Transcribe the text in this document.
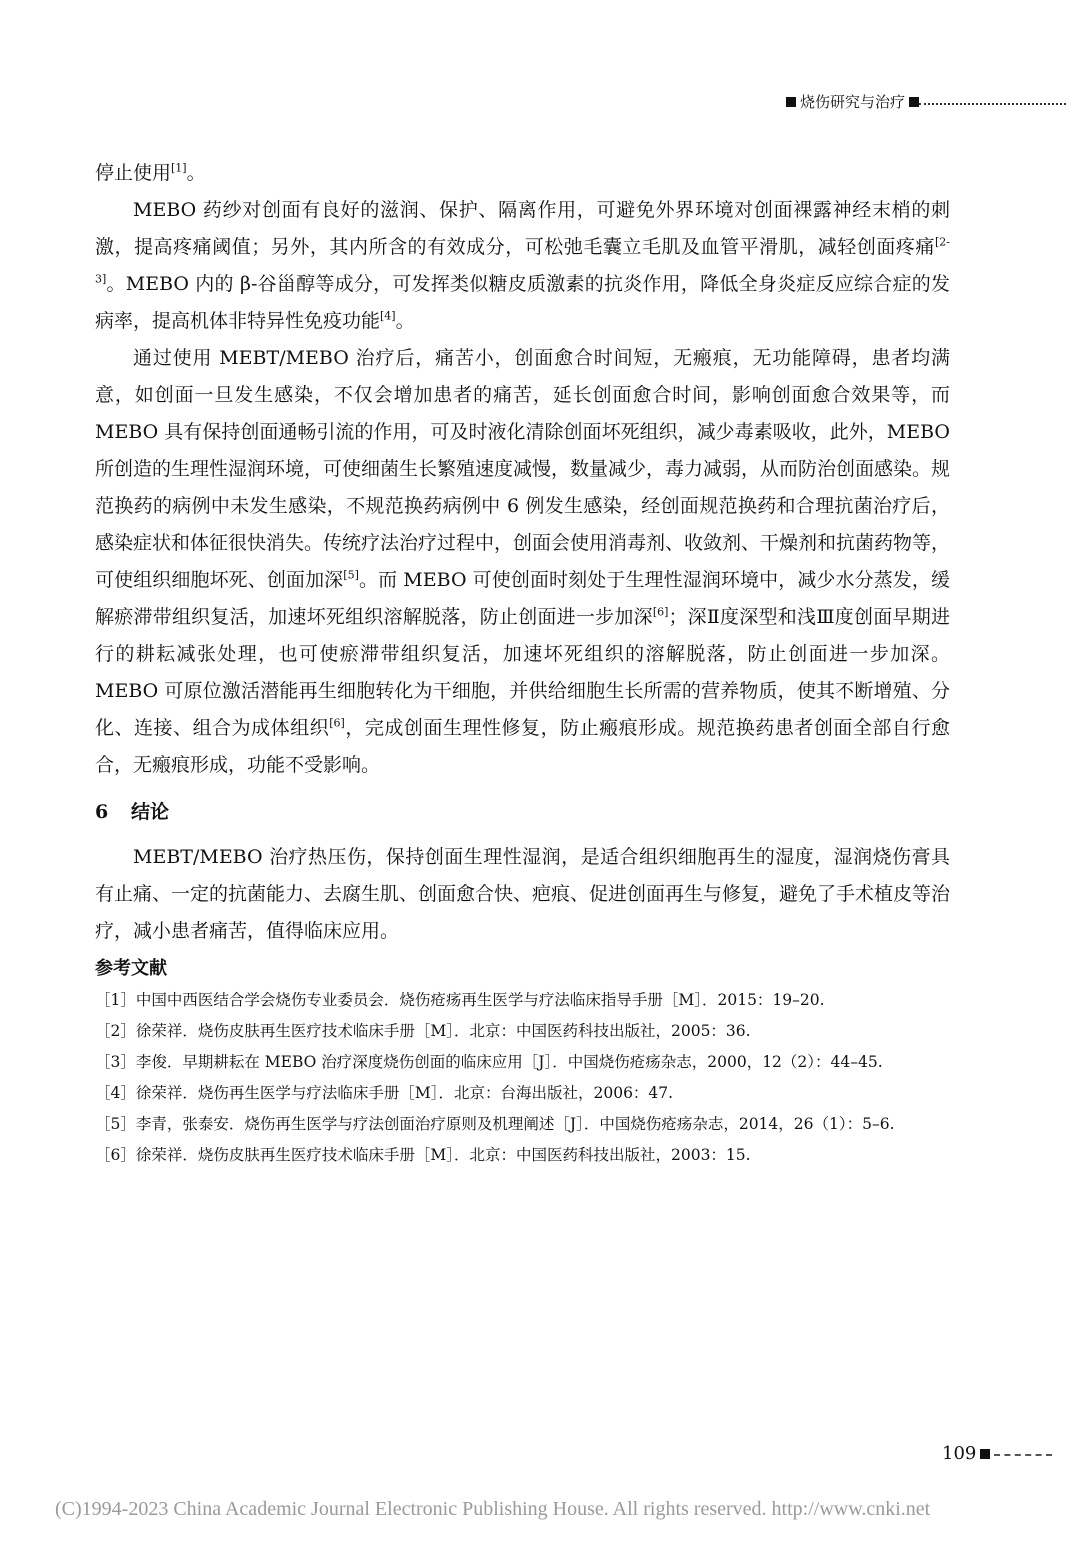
烧伤研究与治疗

停止使用[1]。

MEBO 药纱对创面有良好的滋润、保护、隔离作用，可避免外界环境对创面裸露神经末梢的刺激，提高疼痛阈值；另外，其内所含的有效成分，可松弛毛囊立毛肌及血管平滑肌，减轻创面疼痛[2-3]。MEBO 内的 β-谷甾醇等成分，可发挥类似糖皮质激素的抗炎作用，降低全身炎症反应综合症的发病率，提高机体非特异性免疫功能[4]。

通过使用 MEBT/MEBO 治疗后，痛苦小，创面愈合时间短，无瘢痕，无功能障碍，患者均满意，如创面一旦发生感染，不仅会增加患者的痛苦，延长创面愈合时间，影响创面愈合效果等，而 MEBO 具有保持创面通畅引流的作用，可及时液化清除创面坏死组织，减少毒素吸收，此外，MEBO 所创造的生理性湿润环境，可使细菌生长繁殖速度减慢，数量减少，毒力减弱，从而防治创面感染。规范换药的病例中未发生感染，不规范换药病例中 6 例发生感染，经创面规范换药和合理抗菌治疗后，感染症状和体征很快消失。传统疗法治疗过程中，创面会使用消毒剂、收敛剂、干燥剂和抗菌药物等，可使组织细胞坏死、创面加深[5]。而 MEBO 可使创面时刻处于生理性湿润环境中，减少水分蒸发，缓解瘀滞带组织复活，加速坏死组织溶解脱落，防止创面进一步加深[6]；深Ⅱ度深型和浅Ⅲ度创面早期进行的耕耘减张处理，也可使瘀滞带组织复活，加速坏死组织的溶解脱落，防止创面进一步加深。MEBO 可原位激活潜能再生细胞转化为干细胞，并供给细胞生长所需的营养物质，使其不断增殖、分化、连接、组合为成体组织[6]，完成创面生理性修复，防止瘢痕形成。规范换药患者创面全部自行愈合，无瘢痕形成，功能不受影响。

6 结论

MEBT/MEBO 治疗热压伤，保持创面生理性湿润，是适合组织细胞再生的湿度，湿润烧伤膏具有止痛、一定的抗菌能力、去腐生肌、创面愈合快、疤痕、促进创面再生与修复，避免了手术植皮等治疗，减小患者痛苦，值得临床应用。

参考文献

［1］中国中西医结合学会烧伤专业委员会．烧伤疮疡再生医学与疗法临床指导手册［M］．2015：19–20.
［2］徐荣祥．烧伤皮肤再生医疗技术临床手册［M］．北京：中国医药科技出版社，2005：36.
［3］李俊．早期耕耘在 MEBO 治疗深度烧伤创面的临床应用［J］．中国烧伤疮疡杂志，2000，12（2）：44–45.
［4］徐荣祥．烧伤再生医学与疗法临床手册［M］．北京：台海出版社，2006：47.
［5］李青，张泰安．烧伤再生医学与疗法创面治疗原则及机理阐述［J］．中国烧伤疮疡杂志，2014，26（1）：5–6.
［6］徐荣祥．烧伤皮肤再生医疗技术临床手册［M］．北京：中国医药科技出版社，2003：15.
109
(C)1994-2023 China Academic Journal Electronic Publishing House. All rights reserved. http://www.cnki.net
